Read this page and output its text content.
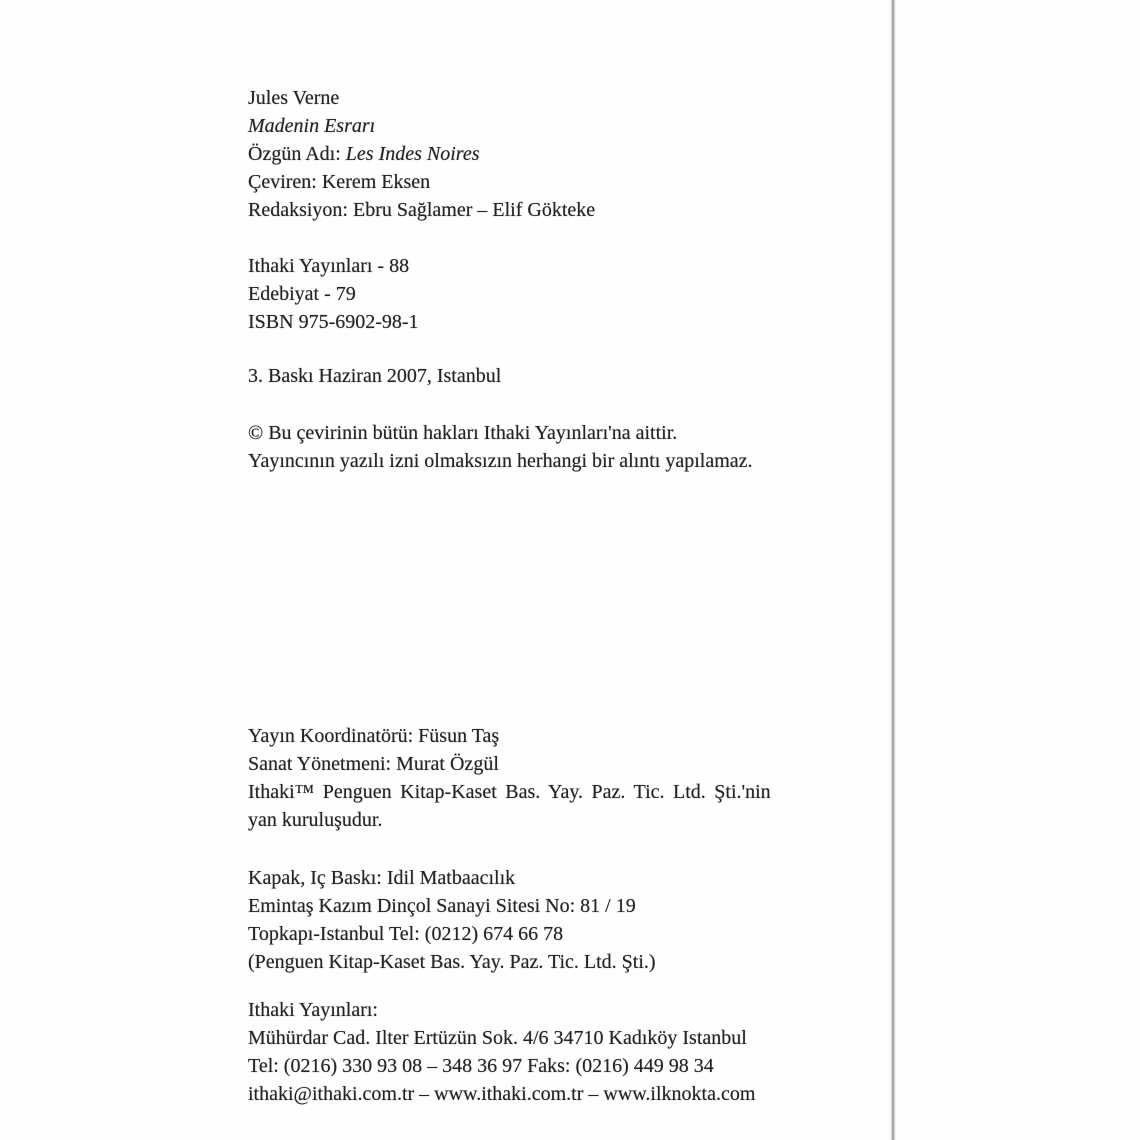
Jules Verne
Madenin Esrarı
Özgün Adı: Les Indes Noires
Çeviren: Kerem Eksen
Redaksiyon: Ebru Sağlamer – Elif Gökteke
Ithaki Yayınları - 88
Edebiyat - 79
ISBN 975-6902-98-1
3. Baskı Haziran 2007, Istanbul
© Bu çevirinin bütün hakları Ithaki Yayınları'na aittir.
Yayıncının yazılı izni olmaksızın herhangi bir alıntı yapılamaz.
Yayın Koordinatörü: Füsun Taş
Sanat Yönetmeni: Murat Özgül
Ithaki™ Penguen Kitap-Kaset Bas. Yay. Paz. Tic. Ltd. Şti.'nin
yan kuruluşudur.
Kapak, Iç Baskı: Idil Matbaacılık
Emintaş Kazım Dinçol Sanayi Sitesi No: 81 / 19
Topkapı-Istanbul Tel: (0212) 674 66 78
(Penguen Kitap-Kaset Bas. Yay. Paz. Tic. Ltd. Şti.)
Ithaki Yayınları:
Mühürdar Cad. Ilter Ertüzün Sok. 4/6 34710 Kadıköy Istanbul
Tel: (0216) 330 93 08 – 348 36 97 Faks: (0216) 449 98 34
ithaki@ithaki.com.tr – www.ithaki.com.tr – www.ilknokta.com
